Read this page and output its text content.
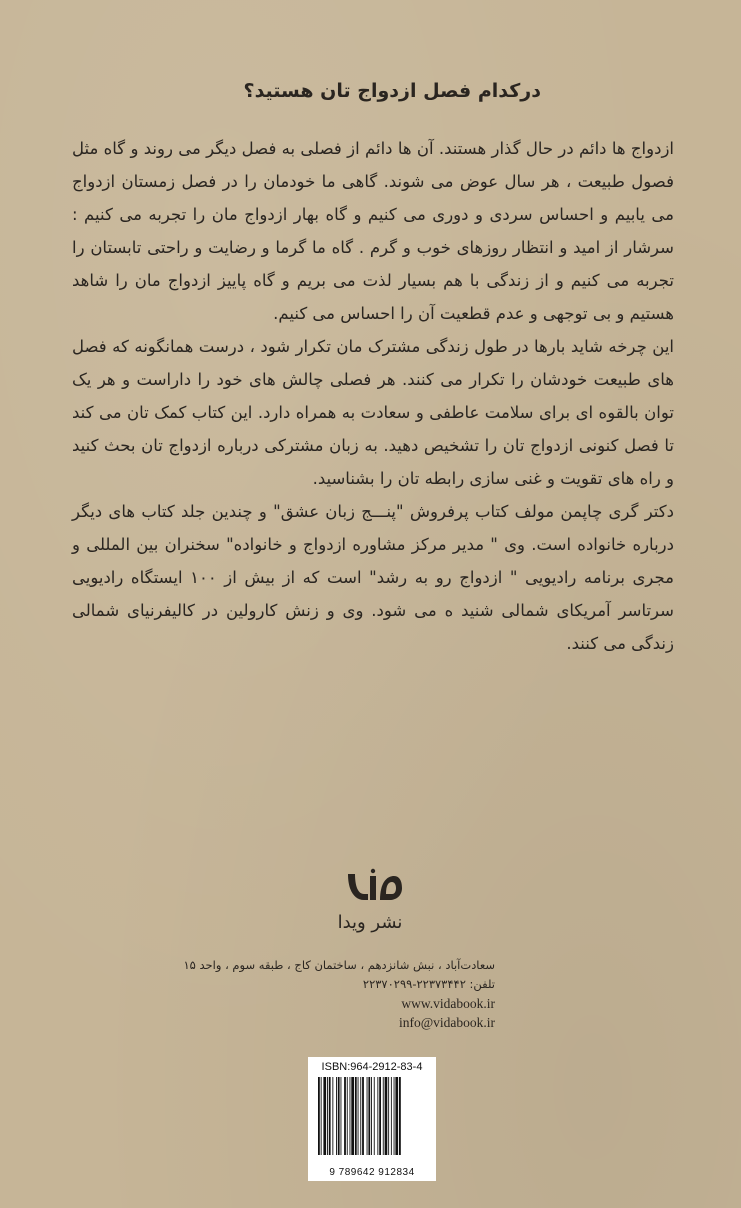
درکدام فصل ازدواج تان هستید؟

ازدواج ها دائم در حال گذار هستند. آن ها دائم از فصلی به فصل دیگر می روند و گاه مثل فصول طبیعت ، هر سال عوض می شوند. گاهی ما خودمان را در فصل زمستان ازدواج می یابیم و احساس سردی و دوری می کنیم و گاه بهار ازدواج مان را تجربه می کنیم : سرشار از امید و انتظار روزهای خوب و گرم . گاه ما گرما و رضایت و راحتی تابستان را تجربه می کنیم و از زندگی با هم بسیار لذت می بریم و گاه پاییز ازدواج مان را شاهد هستیم و بی توجهی و عدم قطعیت آن را احساس می کنیم.

این چرخه شاید بارها در طول زندگی مشترک مان تکرار شود ، درست همانگونه که فصل های طبیعت خودشان را تکرار می کنند. هر فصلی چالش های خود را داراست و هر یک توان بالقوه ای برای سلامت عاطفی و سعادت به همراه دارد. این کتاب کمک تان می کند تا فصل کنونی ازدواج تان را تشخیص دهید. به زبان مشترکی درباره ازدواج تان بحث کنید و راه های تقویت و غنی سازی رابطه تان را بشناسید.

دکتر گری چاپمن مولف کتاب پرفروش "پنـــج زبان عشق" و چندین جلد کتاب های دیگر درباره خانواده است. وی " مدیر مرکز مشاوره ازدواج و خانواده" سخنران بین المللی و مجری برنامه رادیویی " ازدواج رو به رشد" است که از بیش از ۱۰۰ ایستگاه رادیویی سرتاسر آمریکای شمالی شنید ه می شود. وی و زنش کارولین در کالیفرنیای شمالی زندگی می کنند.

نشر ویدا
سعادت‌آباد ، نبش شانزدهم ، ساختمان کاج ، طبقه سوم ، واحد ۱۵
تلفن: ۲۲۳۷۳۴۴۲-۲۲۳۷۰۲۹۹
www.vidabook.ir
info@vidabook.ir
ISBN:964-2912-83-4
9 789642 912834
